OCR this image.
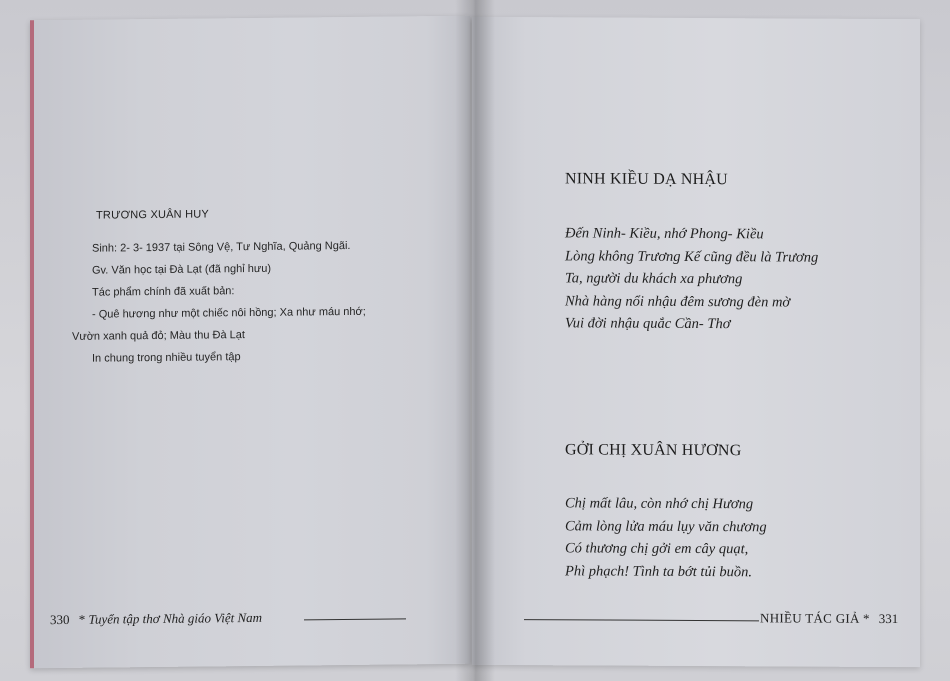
TRƯƠNG XUÂN HUY
Sinh: 2- 3- 1937 tại Sông Vệ, Tư Nghĩa, Quảng Ngãi.
Gv. Văn học tại Đà Lạt (đã nghỉ hưu)
Tác phẩm chính đã xuất bản:
- Quê hương như một chiếc nôi hồng; Xa như máu nhớ;
Vườn xanh quả đỏ; Màu thu Đà Lạt
In chung trong nhiều tuyển tập
330 * Tuyển tập thơ Nhà giáo Việt Nam
NINH KIỀU DẠ NHẬU
Đến Ninh- Kiều, nhớ Phong- Kiều
Lòng không Trương Kế cũng đều là Trương
Ta, người du khách xa phương
Nhà hàng nổi nhậu đêm sương đèn mờ
Vui đời nhậu quắc Cần- Thơ
GỞI CHỊ XUÂN HƯƠNG
Chị mất lâu, còn nhớ chị Hương
Cảm lòng lửa máu lụy văn chương
Có thương chị gởi em cây quạt,
Phì phạch! Tình ta bớt tủi buồn.
NHIỀU TÁC GIẢ * 331
